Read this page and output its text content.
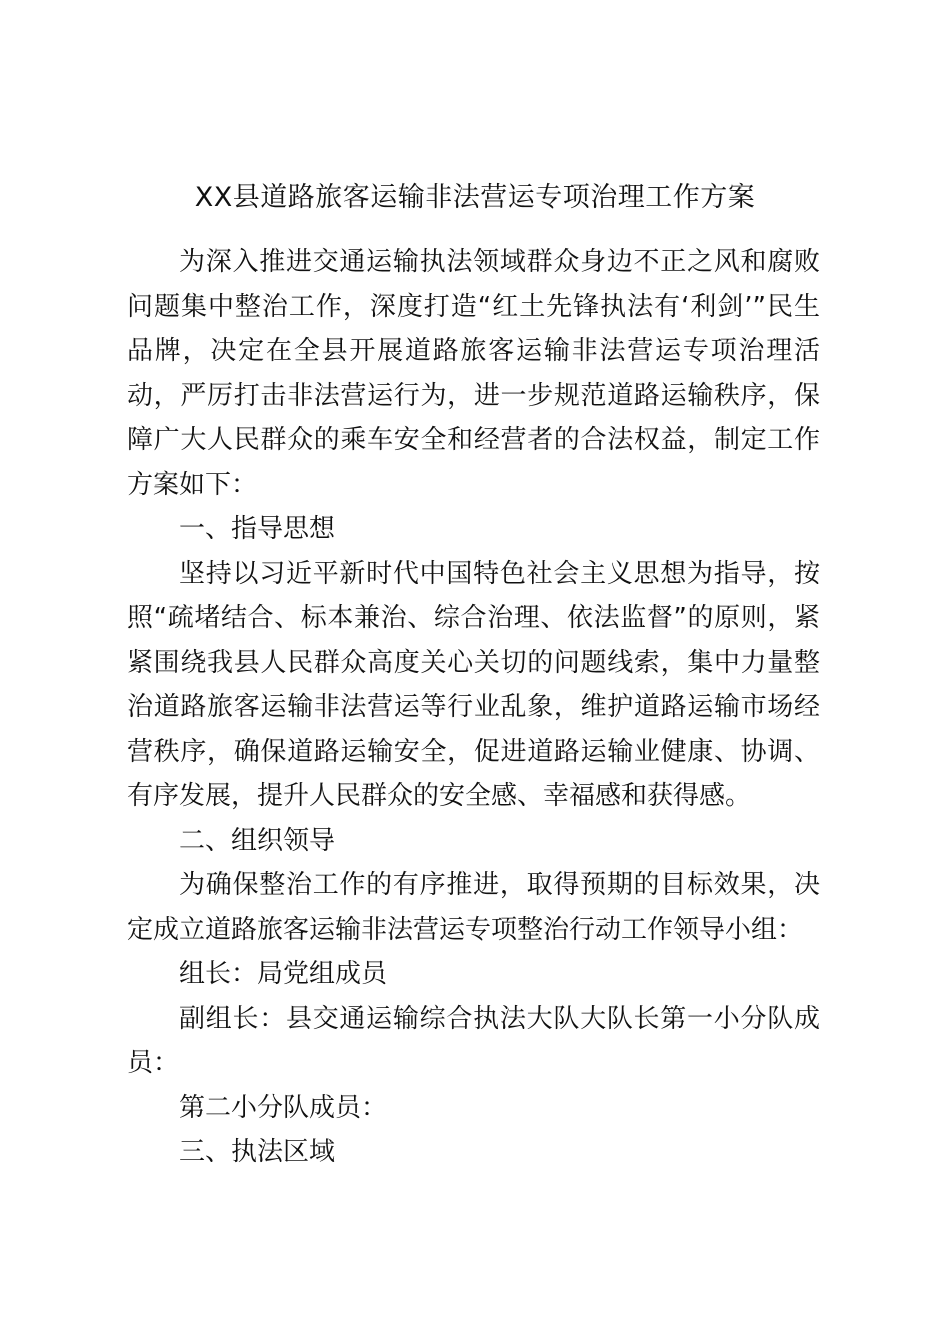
XX县道路旅客运输非法营运专项治理工作方案

为深入推进交通运输执法领域群众身边不正之风和腐败问题集中整治工作，深度打造“红土先锋执法有‘利剑’”民生品牌，决定在全县开展道路旅客运输非法营运专项治理活动，严厉打击非法营运行为，进一步规范道路运输秩序，保障广大人民群众的乘车安全和经营者的合法权益，制定工作方案如下：

一、指导思想

坚持以习近平新时代中国特色社会主义思想为指导，按照“疏堵结合、标本兼治、综合治理、依法监督”的原则，紧紧围绕我县人民群众高度关心关切的问题线索，集中力量整治道路旅客运输非法营运等行业乱象，维护道路运输市场经营秩序，确保道路运输安全，促进道路运输业健康、协调、有序发展，提升人民群众的安全感、幸福感和获得感。

二、组织领导

为确保整治工作的有序推进，取得预期的目标效果，决定成立道路旅客运输非法营运专项整治行动工作领导小组：

组长：局党组成员

副组长：县交通运输综合执法大队大队长第一小分队成员：

第二小分队成员：

三、执法区域
